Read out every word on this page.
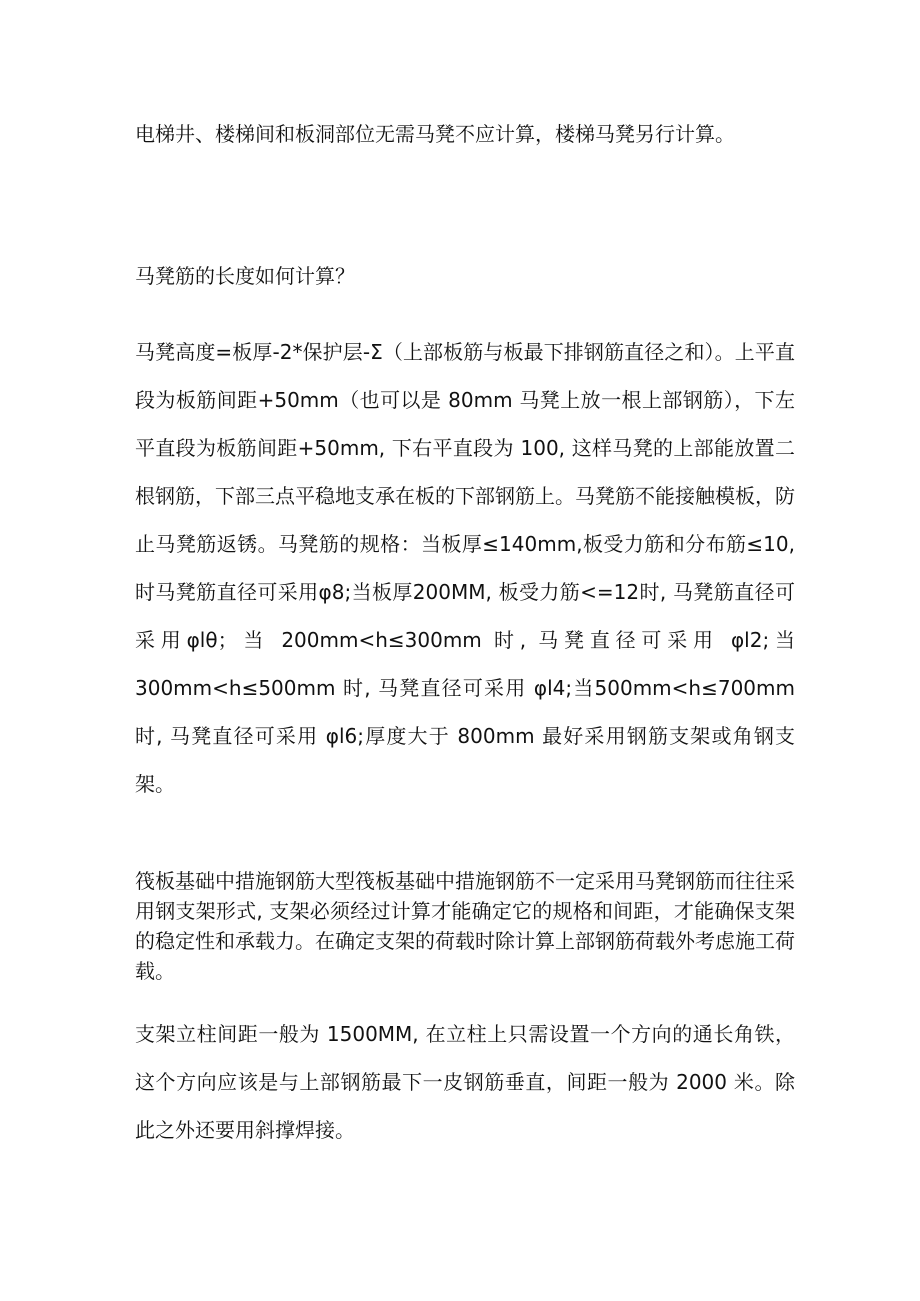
电梯井、楼梯间和板洞部位无需马凳不应计算，楼梯马凳另行计算。

马凳筋的长度如何计算？

马凳高度=板厚-2*保护层-Σ（上部板筋与板最下排钢筋直径之和）。上平直段为板筋间距+50mm（也可以是 80mm 马凳上放一根上部钢筋），下左平直段为板筋间距+50mm, 下右平直段为 100, 这样马凳的上部能放置二根钢筋，下部三点平稳地支承在板的下部钢筋上。马凳筋不能接触模板，防止马凳筋返锈。马凳筋的规格：当板厚≤140mm,板受力筋和分布筋≤10,时马凳筋直径可采用φ8;当板厚200MM, 板受力筋<=12时, 马凳筋直径可采用φlθ；当 200mm<h≤300mm 时, 马凳直径可采用 φl2;当 300mm<h≤500mm 时, 马凳直径可采用 φl4;当500mm<h≤700mm时, 马凳直径可采用 φl6;厚度大于 800mm 最好采用钢筋支架或角钢支架。

筏板基础中措施钢筋大型筏板基础中措施钢筋不一定采用马凳钢筋而往往采用钢支架形式, 支架必须经过计算才能确定它的规格和间距，才能确保支架的稳定性和承载力。在确定支架的荷载时除计算上部钢筋荷载外考虑施工荷载。

支架立柱间距一般为 1500MM, 在立柱上只需设置一个方向的通长角铁，这个方向应该是与上部钢筋最下一皮钢筋垂直，间距一般为 2000 米。除此之外还要用斜撑焊接。
